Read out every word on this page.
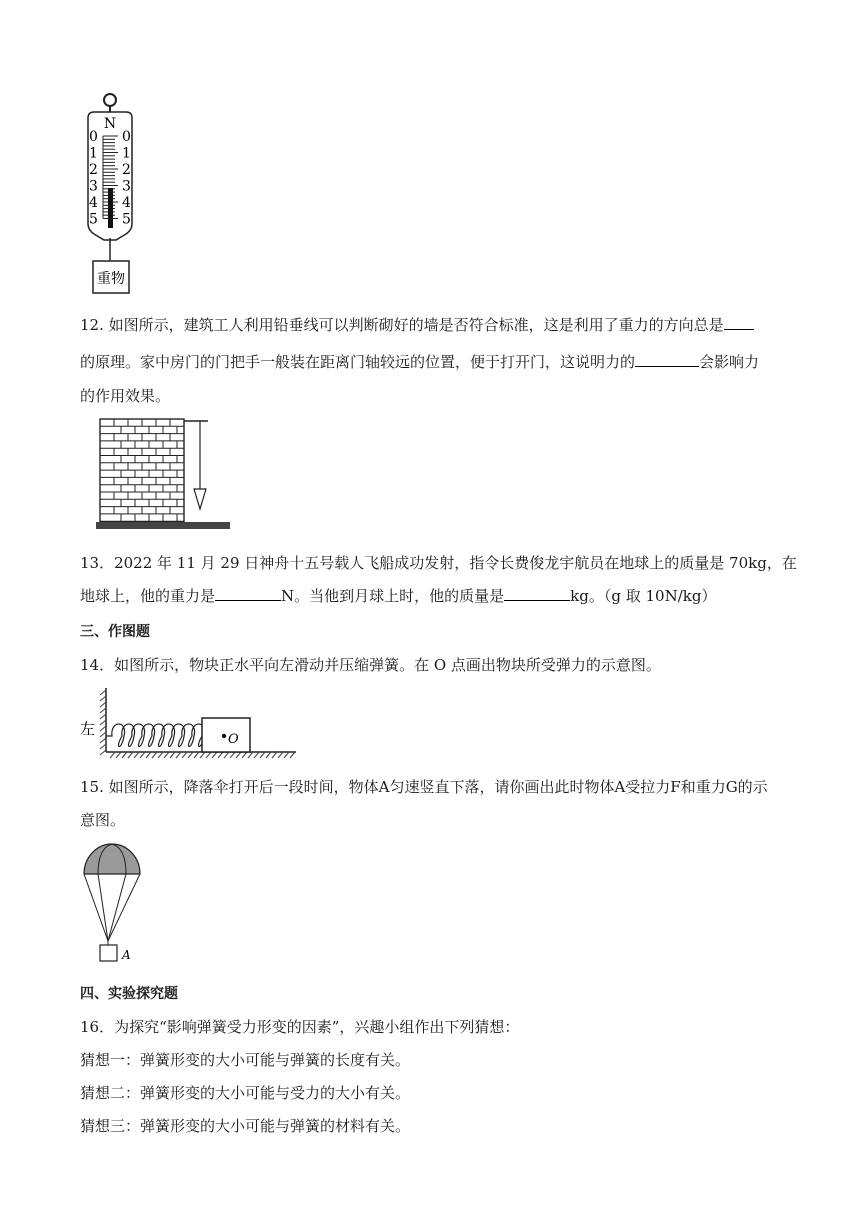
N
0
1
2
3
4
5
0
1
2
3
4
5
重物
12. 如图所示，建筑工人利用铅垂线可以判断砌好的墙是否符合标准，这是利用了重力的方向总是
的原理。家中房门的门把手一般装在距离门轴较远的位置，便于打开门，这说明力的	会影响力
的作用效果。
13．2022 年 11 月 29 日神舟十五号载人飞船成功发射，指令长费俊龙宇航员在地球上的质量是 70kg，在
地球上，他的重力是	N。当他到月球上时，他的质量是	kg。（g 取 10N/kg）
三、作图题
14．如图所示，物块正水平向左滑动并压缩弹簧。在 O 点画出物块所受弹力的示意图。
左
O
15. 如图所示，降落伞打开后一段时间，物体A匀速竖直下落，请你画出此时物体A受拉力F和重力G的示
意图。
A
四、实验探究题
16．为探究“影响弹簧受力形变的因素”，兴趣小组作出下列猜想：
猜想一：弹簧形变的大小可能与弹簧的长度有关。
猜想二：弹簧形变的大小可能与受力的大小有关。
猜想三：弹簧形变的大小可能与弹簧的材料有关。
